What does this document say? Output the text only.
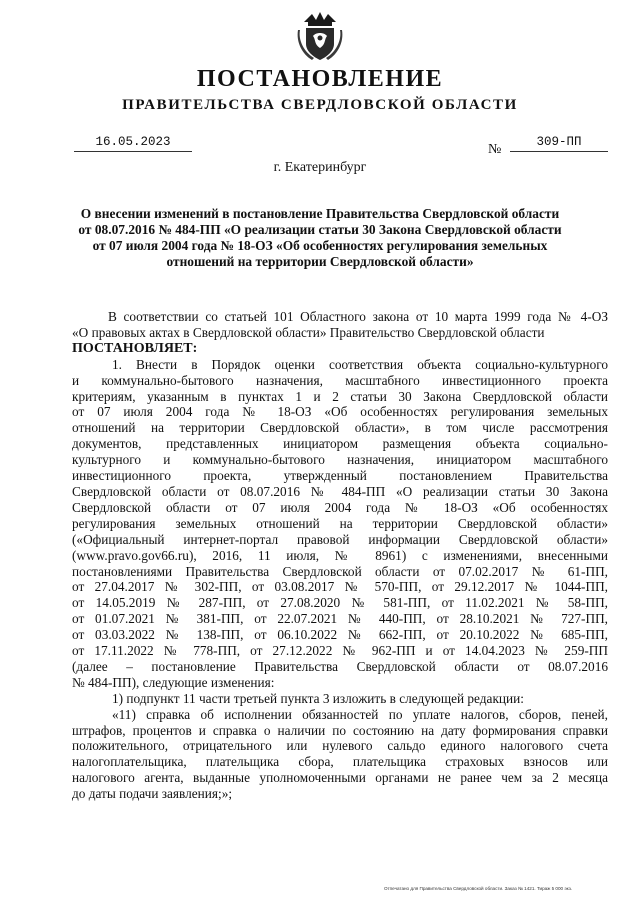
ПОСТАНОВЛЕНИЕ
ПРАВИТЕЛЬСТВА СВЕРДЛОВСКОЙ ОБЛАСТИ
16.05.2023	№	309-ПП
г. Екатеринбург
О внесении изменений в постановление Правительства Свердловской области
от 08.07.2016 № 484-ПП «О реализации статьи 30 Закона Свердловской области
от 07 июля 2004 года № 18-ОЗ «Об особенностях регулирования земельных
отношений на территории Свердловской области»
В соответствии со статьей 101 Областного закона от 10 марта 1999 года № 4-ОЗ
«О правовых актах в Свердловской области» Правительство Свердловской области
ПОСТАНОВЛЯЕТ:
1. Внести в Порядок оценки соответствия объекта социально-культурного
и коммунально-бытового назначения, масштабного инвестиционного проекта
критериям, указанным в пунктах 1 и 2 статьи 30 Закона Свердловской области
от 07 июля 2004 года № 18-ОЗ «Об особенностях регулирования земельных
отношений на территории Свердловской области», в том числе рассмотрения
документов, представленных инициатором размещения объекта социально-
культурного и коммунально-бытового назначения, инициатором масштабного
инвестиционного проекта, утвержденный постановлением Правительства
Свердловской области от 08.07.2016 № 484-ПП «О реализации статьи 30 Закона
Свердловской области от 07 июля 2004 года № 18-ОЗ «Об особенностях
регулирования земельных отношений на территории Свердловской области»
(«Официальный интернет-портал правовой информации Свердловской области»
(www.pravo.gov66.ru), 2016, 11 июля, № 8961) с изменениями, внесенными
постановлениями Правительства Свердловской области от 07.02.2017 № 61-ПП,
от 27.04.2017 № 302-ПП, от 03.08.2017 № 570-ПП, от 29.12.2017 № 1044-ПП,
от 14.05.2019 № 287-ПП, от 27.08.2020 № 581-ПП, от 11.02.2021 № 58-ПП,
от 01.07.2021 № 381-ПП, от 22.07.2021 № 440-ПП, от 28.10.2021 № 727-ПП,
от 03.03.2022 № 138-ПП, от 06.10.2022 № 662-ПП, от 20.10.2022 № 685-ПП,
от 17.11.2022 № 778-ПП, от 27.12.2022 № 962-ПП и от 14.04.2023 № 259-ПП
(далее – постановление Правительства Свердловской области от 08.07.2016
№ 484-ПП), следующие изменения:
1) подпункт 11 части третьей пункта 3 изложить в следующей редакции:
«11) справка об исполнении обязанностей по уплате налогов, сборов, пеней,
штрафов, процентов и справка о наличии по состоянию на дату формирования справки
положительного, отрицательного или нулевого сальдо единого налогового счета
налогоплательщика, плательщика сбора, плательщика страховых взносов или
налогового агента, выданные уполномоченными органами не ранее чем за 2 месяца
до даты подачи заявления;»;
Отпечатано для Правительства Свердловской области. Заказ № 1421. Тираж 5 000 экз.
